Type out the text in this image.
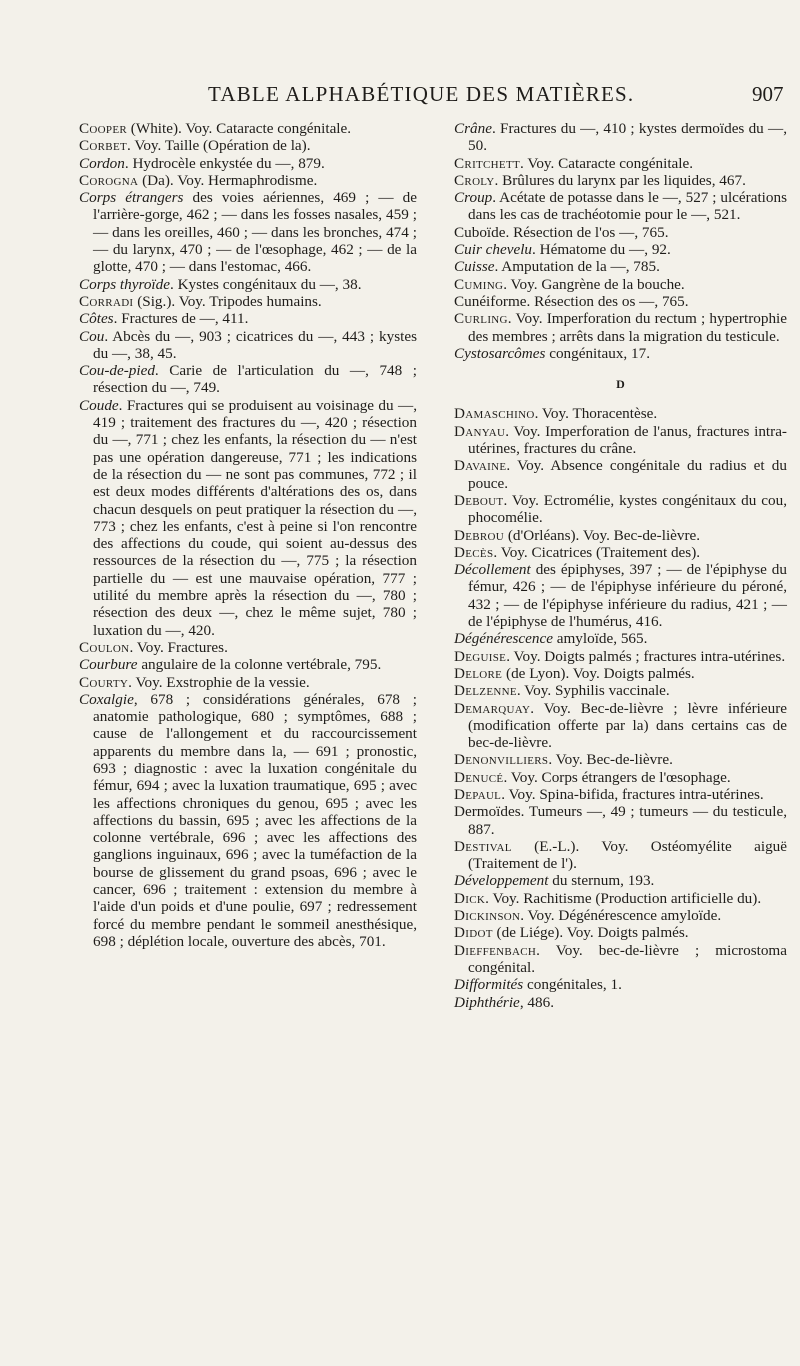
TABLE ALPHABÉTIQUE DES MATIÈRES.	907

Cooper (White). Voy. Cataracte congénitale.

Corbet. Voy. Taille (Opération de la).

Cordon. Hydrocèle enkystée du —, 879.

Corogna (Da). Voy. Hermaphrodisme.

Corps étrangers des voies aériennes, 469 ; — de l'arrière-gorge, 462 ; — dans les fosses nasales, 459 ; — dans les oreilles, 460 ; — dans les bronches, 474 ; — du larynx, 470 ; — de l'œsophage, 462 ; — de la glotte, 470 ; — dans l'estomac, 466.

Corps thyroïde. Kystes congénitaux du —, 38.

Corradi (Sig.). Voy. Tripodes humains.

Côtes. Fractures de —, 411.

Cou. Abcès du —, 903 ; cicatrices du —, 443 ; kystes du —, 38, 45.

Cou-de-pied. Carie de l'articulation du —, 748 ; résection du —, 749.

Coude. Fractures qui se produisent au voisinage du —, 419 ; traitement des fractures du —, 420 ; résection du —, 771 ; chez les enfants, la résection du — n'est pas une opération dangereuse, 771 ; les indications de la résection du — ne sont pas communes, 772 ; il est deux modes différents d'altérations des os, dans chacun desquels on peut pratiquer la résection du —, 773 ; chez les enfants, c'est à peine si l'on rencontre des affections du coude, qui soient au-dessus des ressources de la résection du —, 775 ; la résection partielle du — est une mauvaise opération, 777 ; utilité du membre après la résection du —, 780 ; résection des deux —, chez le même sujet, 780 ; luxation du —, 420.

Coulon. Voy. Fractures.

Courbure angulaire de la colonne vertébrale, 795.

Courty. Voy. Exstrophie de la vessie.

Coxalgie, 678 ; considérations générales, 678 ; anatomie pathologique, 680 ; symptômes, 688 ; cause de l'allongement et du raccourcissement apparents du membre dans la, — 691 ; pronostic, 693 ; diagnostic : avec la luxation congénitale du fémur, 694 ; avec la luxation traumatique, 695 ; avec les affections chroniques du genou, 695 ; avec les affections du bassin, 695 ; avec les affections de la colonne vertébrale, 696 ; avec les affections des ganglions inguinaux, 696 ; avec la tuméfaction de la bourse de glissement du grand psoas, 696 ; avec le cancer, 696 ; traitement : extension du membre à l'aide d'un poids et d'une poulie, 697 ; redressement forcé du membre pendant le sommeil anesthésique, 698 ; déplétion locale, ouverture des abcès, 701.

Crâne. Fractures du —, 410 ; kystes dermoïdes du —, 50.

Critchett. Voy. Cataracte congénitale.

Croly. Brûlures du larynx par les liquides, 467.

Croup. Acétate de potasse dans le —, 527 ; ulcérations dans les cas de trachéotomie pour le —, 521.

Cuboïde. Résection de l'os —, 765.

Cuir chevelu. Hématome du —, 92.

Cuisse. Amputation de la —, 785.

Cuming. Voy. Gangrène de la bouche.

Cunéiforme. Résection des os —, 765.

Curling. Voy. Imperforation du rectum ; hypertrophie des membres ; arrêts dans la migration du testicule.

Cystosarcômes congénitaux, 17.

D

Damaschino. Voy. Thoracentèse.

Danyau. Voy. Imperforation de l'anus, fractures intra-utérines, fractures du crâne.

Davaine. Voy. Absence congénitale du radius et du pouce.

Debout. Voy. Ectromélie, kystes congénitaux du cou, phocomélie.

Debrou (d'Orléans). Voy. Bec-de-lièvre.

Decès. Voy. Cicatrices (Traitement des).

Décollement des épiphyses, 397 ; — de l'épiphyse du fémur, 426 ; — de l'épiphyse inférieure du péroné, 432 ; — de l'épiphyse inférieure du radius, 421 ; — de l'épiphyse de l'humérus, 416.

Dégénérescence amyloïde, 565.

Deguise. Voy. Doigts palmés ; fractures intra-utérines.

Delore (de Lyon). Voy. Doigts palmés.

Delzenne. Voy. Syphilis vaccinale.

Demarquay. Voy. Bec-de-lièvre ; lèvre inférieure (modification offerte par la) dans certains cas de bec-de-lièvre.

Denonvilliers. Voy. Bec-de-lièvre.

Denucé. Voy. Corps étrangers de l'œsophage.

Depaul. Voy. Spina-bifida, fractures intra-utérines.

Dermoïdes. Tumeurs —, 49 ; tumeurs — du testicule, 887.

Destival (E.-L.). Voy. Ostéomyélite aiguë (Traitement de l').

Développement du sternum, 193.

Dick. Voy. Rachitisme (Production artificielle du).

Dickinson. Voy. Dégénérescence amyloïde.

Didot (de Liége). Voy. Doigts palmés.

Dieffenbach. Voy. bec-de-lièvre ; microstoma congénital.

Difformités congénitales, 1.

Diphthérie, 486.
